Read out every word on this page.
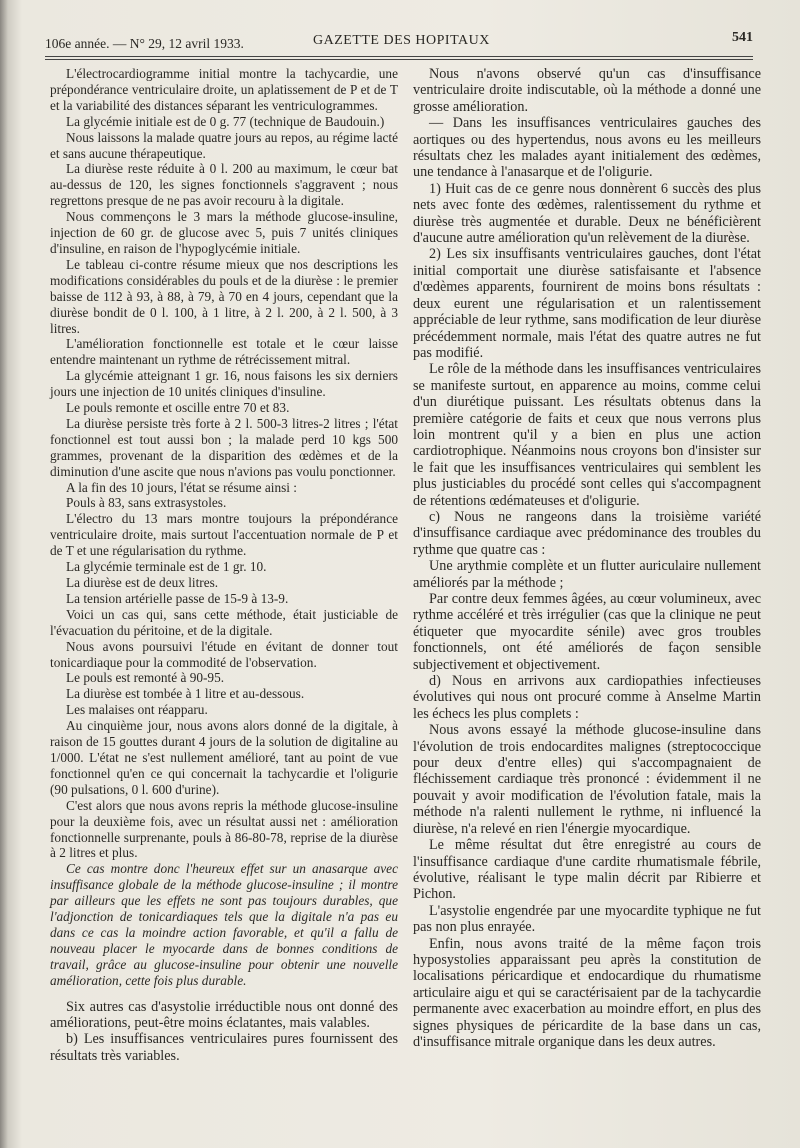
106e année. — N° 29, 12 avril 1933.	GAZETTE DES HOPITAUX	541

L'électrocardiogramme initial montre la tachycardie, une prépondérance ventriculaire droite, un aplatissement de P et de T et la variabilité des distances séparant les ventriculogrammes.

La glycémie initiale est de 0 g. 77 (technique de Baudouin.)

Nous laissons la malade quatre jours au repos, au régime lacté et sans aucune thérapeutique.

La diurèse reste réduite à 0 l. 200 au maximum, le cœur bat au-dessus de 120, les signes fonctionnels s'aggravent ; nous regrettons presque de ne pas avoir recouru à la digitale.

Nous commençons le 3 mars la méthode glucose-insuline, injection de 60 gr. de glucose avec 5, puis 7 unités cliniques d'insuline, en raison de l'hypoglycémie initiale.

Le tableau ci-contre résume mieux que nos descriptions les modifications considérables du pouls et de la diurèse : le premier baisse de 112 à 93, à 88, à 79, à 70 en 4 jours, cependant que la diurèse bondit de 0 l. 100, à 1 litre, à 2 l. 200, à 2 l. 500, à 3 litres.

L'amélioration fonctionnelle est totale et le cœur laisse entendre maintenant un rythme de rétrécissement mitral.

La glycémie atteignant 1 gr. 16, nous faisons les six derniers jours une injection de 10 unités cliniques d'insuline.

Le pouls remonte et oscille entre 70 et 83.

La diurèse persiste très forte à 2 l. 500-3 litres-2 litres ; l'état fonctionnel est tout aussi bon ; la malade perd 10 kgs 500 grammes, provenant de la disparition des œdèmes et de la diminution d'une ascite que nous n'avions pas voulu ponctionner.

A la fin des 10 jours, l'état se résume ainsi :

Pouls à 83, sans extrasystoles.

L'électro du 13 mars montre toujours la prépondérance ventriculaire droite, mais surtout l'accentuation normale de P et de T et une régularisation du rythme.

La glycémie terminale est de 1 gr. 10.

La diurèse est de deux litres.

La tension artérielle passe de 15-9 à 13-9.

Voici un cas qui, sans cette méthode, était justiciable de l'évacuation du péritoine, et de la digitale.

Nous avons poursuivi l'étude en évitant de donner tout tonicardiaque pour la commodité de l'observation.

Le pouls est remonté à 90-95.

La diurèse est tombée à 1 litre et au-dessous.

Les malaises ont réapparu.

Au cinquième jour, nous avons alors donné de la digitale, à raison de 15 gouttes durant 4 jours de la solution de digitaline au 1/000. L'état ne s'est nullement amélioré, tant au point de vue fonctionnel qu'en ce qui concernait la tachycardie et l'oligurie (90 pulsations, 0 l. 600 d'urine).

C'est alors que nous avons repris la méthode glucose-insuline pour la deuxième fois, avec un résultat aussi net : amélioration fonctionnelle surprenante, pouls à 86-80-78, reprise de la diurèse à 2 litres et plus.

Ce cas montre donc l'heureux effet sur un anasarque avec insuffisance globale de la méthode glucose-insuline ; il montre par ailleurs que les effets ne sont pas toujours durables, que l'adjonction de tonicardiaques tels que la digitale n'a pas eu dans ce cas la moindre action favorable, et qu'il a fallu de nouveau placer le myocarde dans de bonnes conditions de travail, grâce au glucose-insuline pour obtenir une nouvelle amélioration, cette fois plus durable.

Six autres cas d'asystolie irréductible nous ont donné des améliorations, peut-être moins éclatantes, mais valables.

b) Les insuffisances ventriculaires pures fournissent des résultats très variables.

Nous n'avons observé qu'un cas d'insuffisance ventriculaire droite indiscutable, où la méthode a donné une grosse amélioration.

— Dans les insuffisances ventriculaires gauches des aortiques ou des hypertendus, nous avons eu les meilleurs résultats chez les malades ayant initialement des œdèmes, une tendance à l'anasarque et de l'oligurie.

1) Huit cas de ce genre nous donnèrent 6 succès des plus nets avec fonte des œdèmes, ralentissement du rythme et diurèse très augmentée et durable. Deux ne bénéficièrent d'aucune autre amélioration qu'un relèvement de la diurèse.

2) Les six insuffisants ventriculaires gauches, dont l'état initial comportait une diurèse satisfaisante et l'absence d'œdèmes apparents, fournirent de moins bons résultats : deux eurent une régularisation et un ralentissement appréciable de leur rythme, sans modification de leur diurèse précédemment normale, mais l'état des quatre autres ne fut pas modifié.

Le rôle de la méthode dans les insuffisances ventriculaires se manifeste surtout, en apparence au moins, comme celui d'un diurétique puissant. Les résultats obtenus dans la première catégorie de faits et ceux que nous verrons plus loin montrent qu'il y a bien en plus une action cardiotrophique. Néanmoins nous croyons bon d'insister sur le fait que les insuffisances ventriculaires qui semblent les plus justiciables du procédé sont celles qui s'accompagnent de rétentions œdémateuses et d'oligurie.

c) Nous ne rangeons dans la troisième variété d'insuffisance cardiaque avec prédominance des troubles du rythme que quatre cas :

Une arythmie complète et un flutter auriculaire nullement améliorés par la méthode ;

Par contre deux femmes âgées, au cœur volumineux, avec rythme accéléré et très irrégulier (cas que la clinique ne peut étiqueter que myocardite sénile) avec gros troubles fonctionnels, ont été améliorés de façon sensible subjectivement et objectivement.

d) Nous en arrivons aux cardiopathies infectieuses évolutives qui nous ont procuré comme à Anselme Martin les échecs les plus complets :

Nous avons essayé la méthode glucose-insuline dans l'évolution de trois endocardites malignes (streptococcique pour deux d'entre elles) qui s'accompagnaient de fléchissement cardiaque très prononcé : évidemment il ne pouvait y avoir modification de l'évolution fatale, mais la méthode n'a ralenti nullement le rythme, ni influencé la diurèse, n'a relevé en rien l'énergie myocardique.

Le même résultat dut être enregistré au cours de l'insuffisance cardiaque d'une cardite rhumatismale fébrile, évolutive, réalisant le type malin décrit par Ribierre et Pichon.

L'asystolie engendrée par une myocardite typhique ne fut pas non plus enrayée.

Enfin, nous avons traité de la même façon trois hyposystolies apparaissant peu après la constitution de localisations péricardique et endocardique du rhumatisme articulaire aigu et qui se caractérisaient par de la tachycardie permanente avec exacerbation au moindre effort, en plus des signes physiques de péricardite de la base dans un cas, d'insuffisance mitrale organique dans les deux autres.
